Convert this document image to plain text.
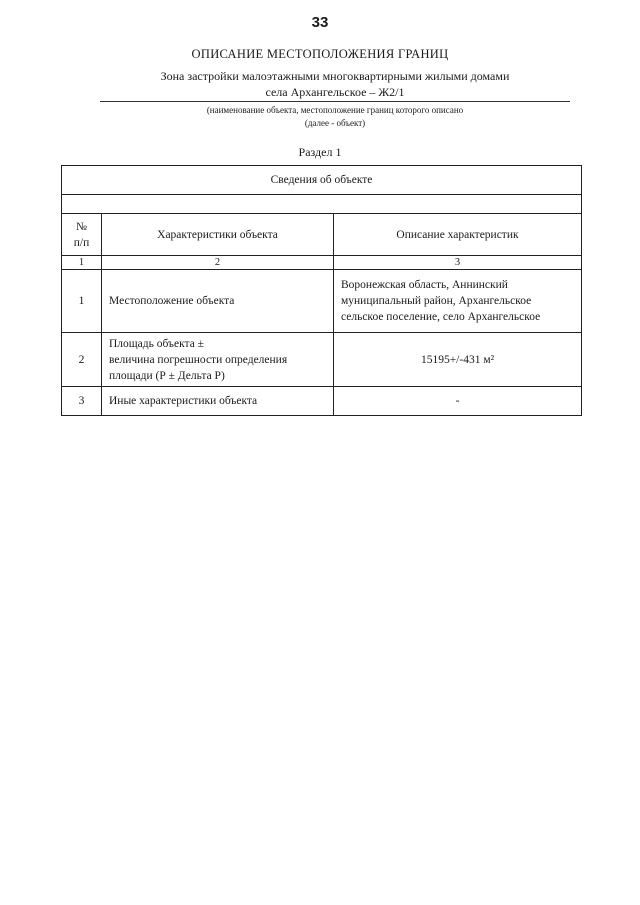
33
ОПИСАНИЕ МЕСТОПОЛОЖЕНИЯ ГРАНИЦ
Зона застройки малоэтажными многоквартирными жилыми домами
села Архангельское – Ж2/1
(наименование объекта, местоположение границ которого описано
(далее - объект)
Раздел 1
Сведения об объекте		

№
п/п	Характеристики объекта	Описание характеристик
1	2	3
1	Местоположение объекта	Воронежская область, Аннинский
муниципальный район, Архангельское
сельское поселение, село Архангельское

2	Площадь объекта ±
величина погрешности определения
площади (Р ± Дельта Р)	15195+/-431 м²
3	Иные характеристики объекта	-
